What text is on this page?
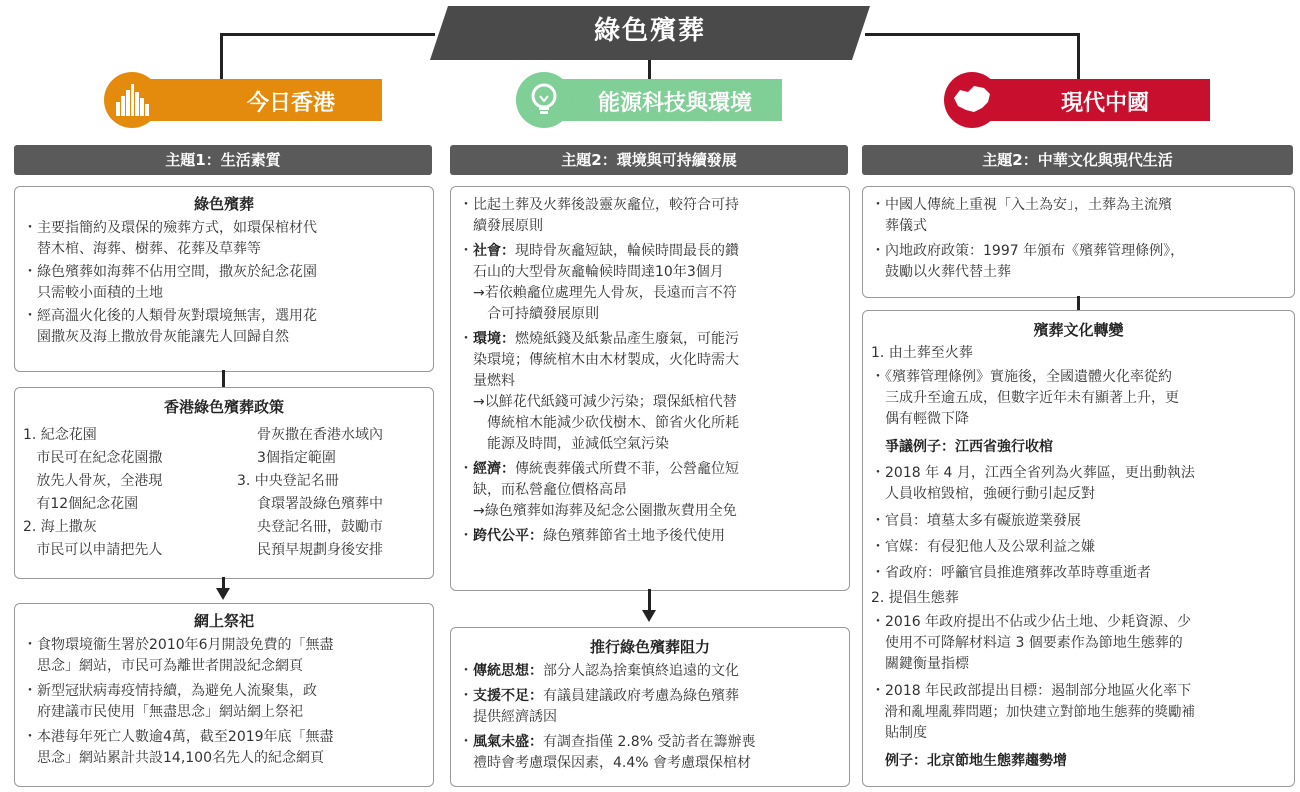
綠色殯葬
今日香港	能源科技與環境	現代中國
主題1：生活素質	主題2：環境與可持續發展	主題2：中華文化與現代生活
綠色殯葬
・主要指簡約及環保的殮葬方式，如環保棺材代
　替木棺、海葬、樹葬、花葬及草葬等
・綠色殯葬如海葬不佔用空間，撒灰於紀念花園
　只需較小面積的土地
・經高溫火化後的人類骨灰對環境無害，選用花
　園撒灰及海上撒放骨灰能讓先人回歸自然
香港綠色殯葬政策
1. 紀念花園
市民可在紀念花園撒
放先人骨灰，全港現
有12個紀念花園
2. 海上撒灰
市民可以申請把先人
骨灰撒在香港水域內
3個指定範圍
3. 中央登記名冊
食環署設綠色殯葬中
央登記名冊，鼓勵市
民預早規劃身後安排
網上祭祀
・食物環境衞生署於2010年6月開設免費的「無盡
　思念」網站，市民可為離世者開設紀念網頁
・新型冠狀病毒疫情持續，為避免人流聚集，政
　府建議市民使用「無盡思念」網站網上祭祀
・本港每年死亡人數逾4萬，截至2019年底「無盡
　思念」網站累計共設14,100名先人的紀念網頁
・比起土葬及火葬後設靈灰龕位，較符合可持
　續發展原則
・社會：現時骨灰龕短缺，輪候時間最長的鑽
　石山的大型骨灰龕輪候時間達10年3個月
　→若依賴龕位處理先人骨灰，長遠而言不符
　　合可持續發展原則
・環境：燃燒紙錢及紙紮品產生廢氣，可能污
　染環境；傳統棺木由木材製成，火化時需大
　量燃料
　→以鮮花代紙錢可減少污染；環保紙棺代替
　　傳統棺木能減少砍伐樹木、節省火化所耗
　　能源及時間，並減低空氣污染
・經濟：傳統喪葬儀式所費不菲，公營龕位短
　缺，而私營龕位價格高昂
　→綠色殯葬如海葬及紀念公園撒灰費用全免
・跨代公平：綠色殯葬節省土地予後代使用
推行綠色殯葬阻力
・傳統思想：部分人認為捨棄慎終追遠的文化
・支援不足：有議員建議政府考慮為綠色殯葬
　提供經濟誘因
・風氣未盛：有調查指僅 2.8% 受訪者在籌辦喪
　禮時會考慮環保因素，4.4% 會考慮環保棺材
・中國人傳統上重視「入土為安」，土葬為主流殯
　葬儀式
・內地政府政策：1997 年頒布《殯葬管理條例》，
　鼓勵以火葬代替土葬
殯葬文化轉變
1. 由土葬至火葬
・《殯葬管理條例》實施後，全國遺體火化率從約
　三成升至逾五成，但數字近年未有顯著上升，更
　偶有輕微下降
　爭議例子：江西省強行收棺
・2018 年 4 月，江西全省列為火葬區，更出動執法
　人員收棺毀棺，強硬行動引起反對
・官員：墳墓太多有礙旅遊業發展
・官媒：有侵犯他人及公眾利益之嫌
・省政府：呼籲官員推進殯葬改革時尊重逝者
2. 提倡生態葬
・2016 年政府提出不佔或少佔土地、少耗資源、少
　使用不可降解材料這 3 個要素作為節地生態葬的
　關鍵衡量指標
・2018 年民政部提出目標：遏制部分地區火化率下
　滑和亂埋亂葬問題；加快建立對節地生態葬的獎勵補
　貼制度
　例子：北京節地生態葬趨勢增
